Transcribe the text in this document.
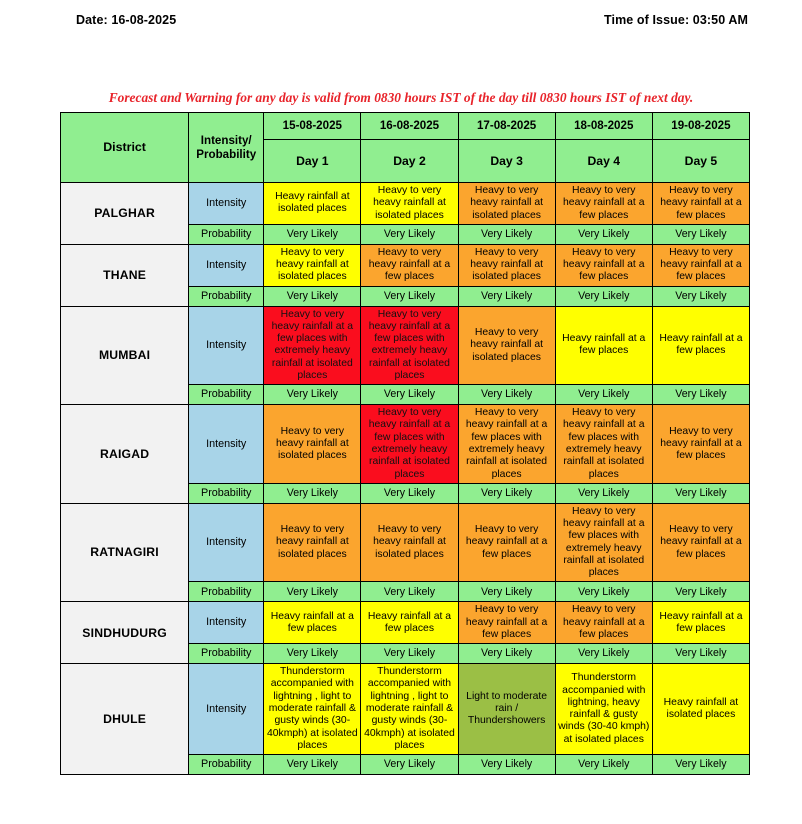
Date: 16-08-2025	Time of Issue: 03:50 AM
Forecast and Warning for any day is valid from 0830 hours IST of the day till 0830 hours IST of next day.
District	Intensity/ Probability	15-08-2025	16-08-2025	17-08-2025	18-08-2025	19-08-2025
		Day 1	Day 2	Day 3	Day 4	Day 5
PALGHAR	Intensity	Heavy rainfall at isolated places	Heavy to very heavy rainfall at isolated places	Heavy to very heavy rainfall at isolated places	Heavy to very heavy rainfall at a few places	Heavy to very heavy rainfall at a few places
	Probability	Very Likely	Very Likely	Very Likely	Very Likely	Very Likely
THANE	Intensity	Heavy to very heavy rainfall at isolated places	Heavy to very heavy rainfall at a few places	Heavy to very heavy rainfall at isolated places	Heavy to very heavy rainfall at a few places	Heavy to very heavy rainfall at a few places
	Probability	Very Likely	Very Likely	Very Likely	Very Likely	Very Likely
MUMBAI	Intensity	Heavy to very heavy rainfall at a few places with extremely heavy rainfall at isolated places	Heavy to very heavy rainfall at a few places with extremely heavy rainfall at isolated places	Heavy to very heavy rainfall at isolated places	Heavy rainfall at a few places	Heavy rainfall at a few places
	Probability	Very Likely	Very Likely	Very Likely	Very Likely	Very Likely
RAIGAD	Intensity	Heavy to very heavy rainfall at isolated places	Heavy to very heavy rainfall at a few places with extremely heavy rainfall at isolated places	Heavy to very heavy rainfall at a few places with extremely heavy rainfall at isolated places	Heavy to very heavy rainfall at a few places with extremely heavy rainfall at isolated places	Heavy to very heavy rainfall at a few places
	Probability	Very Likely	Very Likely	Very Likely	Very Likely	Very Likely
RATNAGIRI	Intensity	Heavy to very heavy rainfall at isolated places	Heavy to very heavy rainfall at isolated places	Heavy to very heavy rainfall at a few places	Heavy to very heavy rainfall at a few places with extremely heavy rainfall at isolated places	Heavy to very heavy rainfall at a few places
	Probability	Very Likely	Very Likely	Very Likely	Very Likely	Very Likely
SINDHUDURG	Intensity	Heavy rainfall at a few places	Heavy rainfall at a few places	Heavy to very heavy rainfall at a few places	Heavy to very heavy rainfall at a few places	Heavy rainfall at a few places
	Probability	Very Likely	Very Likely	Very Likely	Very Likely	Very Likely
DHULE	Intensity	Thunderstorm accompanied with lightning , light to moderate rainfall & gusty winds (30-40kmph) at isolated places	Thunderstorm accompanied with lightning , light to moderate rainfall & gusty winds (30-40kmph) at isolated places	Light to moderate rain / Thundershowers	Thunderstorm accompanied with lightning, heavy rainfall & gusty winds (30-40 kmph) at isolated places	Heavy rainfall at isolated places
	Probability	Very Likely	Very Likely	Very Likely	Very Likely	Very Likely
